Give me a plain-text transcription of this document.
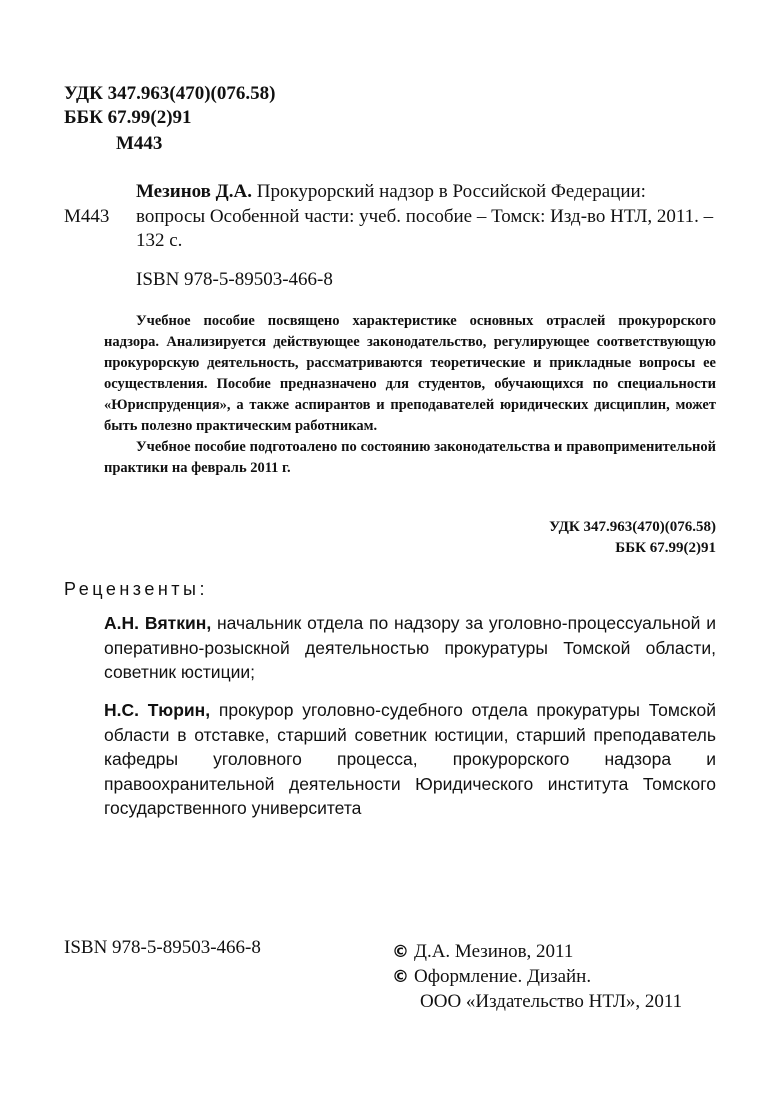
УДК 347.963(470)(076.58)

ББК 67.99(2)91

М443

М443

Мезинов Д.А. Прокурорский надзор в Российской Федерации: вопросы Особенной части: учеб. пособие – Томск: Изд-во НТЛ, 2011. – 132 с.

ISBN 978-5-89503-466-8

Учебное пособие посвящено характеристике основных отраслей прокурорского надзора. Анализируется действующее законодательство, регулирующее соответствующую прокурорскую деятельность, рассматриваются теоретические и прикладные вопросы ее осуществления. Пособие предназначено для студентов, обучающихся по специальности «Юриспруденция», а также аспирантов и преподавателей юридических дисциплин, может быть полезно практическим работникам.

Учебное пособие подготоалено по состоянию законодательства и правоприменительной практики на февраль 2011 г.

УДК 347.963(470)(076.58)

ББК 67.99(2)91

Рецензенты:

А.Н. Вяткин, начальник отдела по надзору за уголовно-процессуальной и оперативно-розыскной деятельностью прокуратуры Томской области, советник юстиции;

Н.С. Тюрин, прокурор уголовно-судебного отдела прокуратуры Томской области в отставке, старший советник юстиции, старший преподаватель кафедры уголовного процесса, прокурорского надзора и правоохранительной деятельности Юридического института Томского государственного университета

ISBN 978-5-89503-466-8	© Д.А. Мезинов, 2011

© Оформление. Дизайн.

ООО «Издательство НТЛ», 2011
